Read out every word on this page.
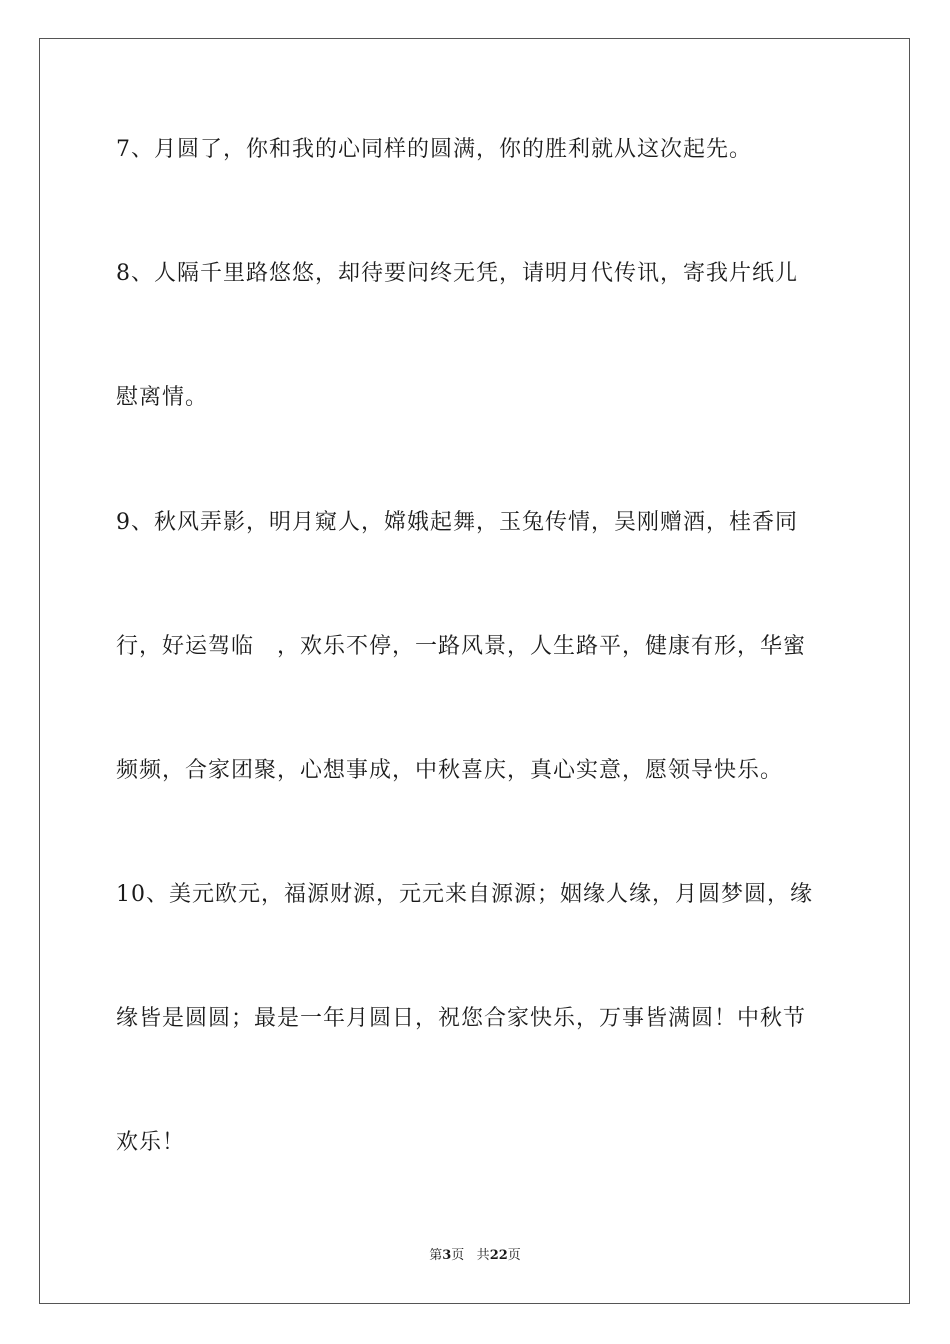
7、月圆了，你和我的心同样的圆满，你的胜利就从这次起先。
8、人隔千里路悠悠，却待要问终无凭，请明月代传讯，寄我片纸儿
慰离情。
9、秋风弄影，明月窥人，嫦娥起舞，玉兔传情，吴刚赠酒，桂香同
行，好运驾临　，欢乐不停，一路风景，人生路平，健康有形，华蜜
频频，合家团聚，心想事成，中秋喜庆，真心实意，愿领导快乐。
10、美元欧元，福源财源，元元来自源源；姻缘人缘，月圆梦圆，缘
缘皆是圆圆；最是一年月圆日，祝您合家快乐，万事皆满圆！中秋节
欢乐！
第3页 共22页
